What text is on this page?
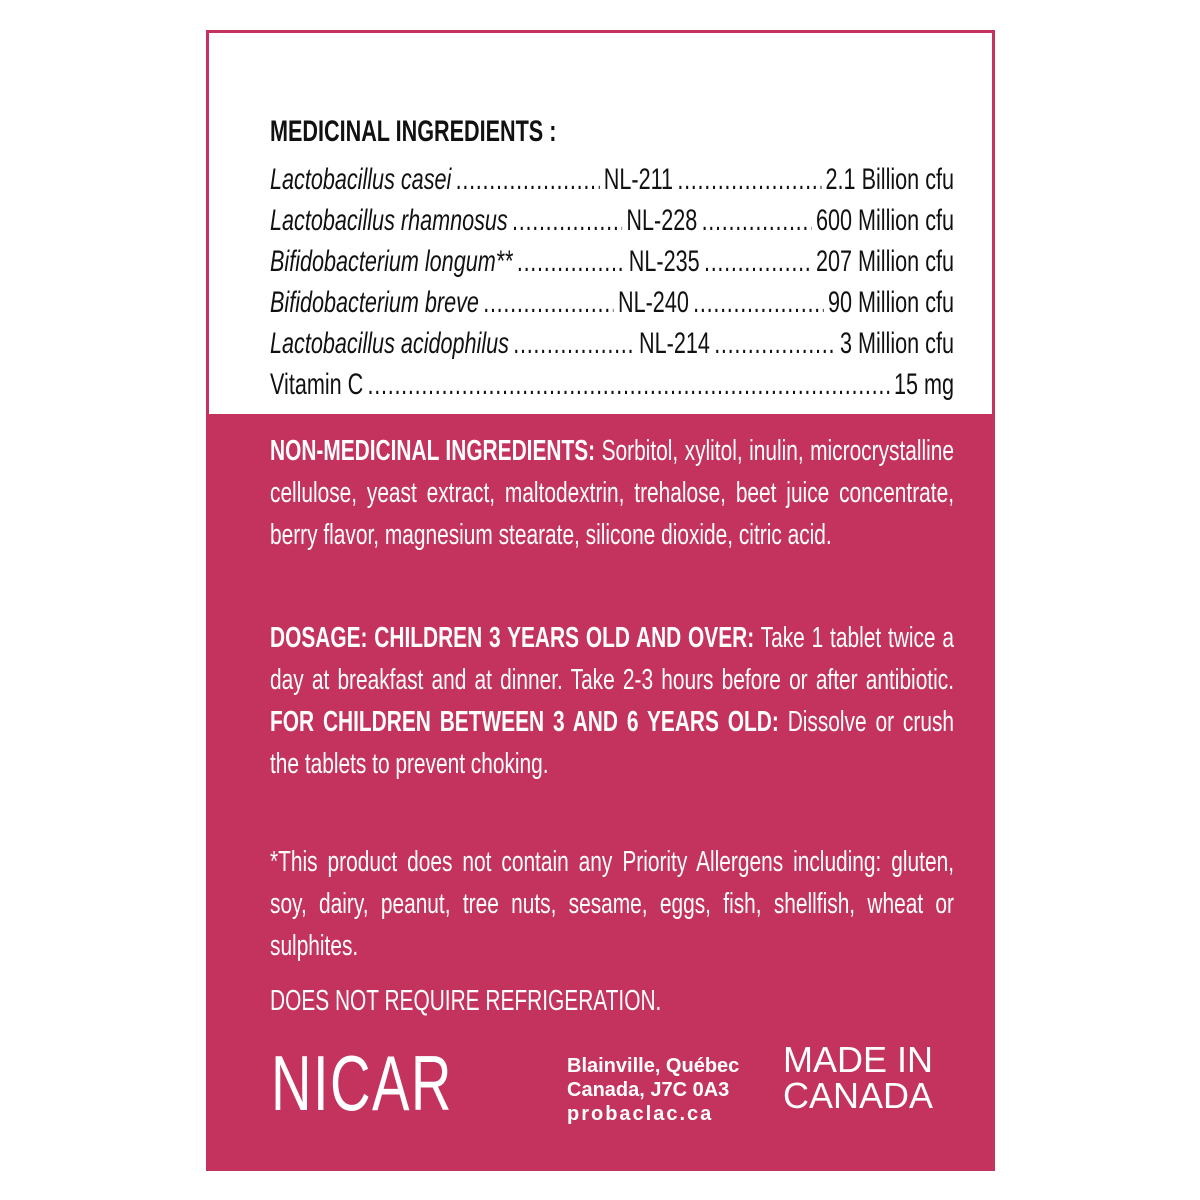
MEDICINAL INGREDIENTS :
Lactobacillus casei .....	NL-211 .....	2.1 Billion cfu
Lactobacillus rhamnosus .....	NL-228 .....	600 Million cfu
Bifidobacterium longum** .....	NL-235 .....	207 Million cfu
Bifidobacterium breve .....	NL-240 .....	90 Million cfu
Lactobacillus acidophilus .....	NL-214 .....	3 Million cfu
Vitamin C .....	15 mg
NON-MEDICINAL INGREDIENTS: Sorbitol, xylitol, inulin, microcrystalline cellulose, yeast extract, maltodextrin, trehalose, beet juice concentrate, berry flavor, magnesium stearate, silicone dioxide, citric acid.
DOSAGE: CHILDREN 3 YEARS OLD AND OVER: Take 1 tablet twice a day at breakfast and at dinner. Take 2-3 hours before or after antibiotic. FOR CHILDREN BETWEEN 3 AND 6 YEARS OLD: Dissolve or crush the tablets to prevent choking.
*This product does not contain any Priority Allergens including: gluten, soy, dairy, peanut, tree nuts, sesame, eggs, fish, shellfish, wheat or sulphites.
DOES NOT REQUIRE REFRIGERATION.
NICAR	Blainville, Québec
Canada, J7C 0A3
probaclac.ca
MADE IN
CANADA
